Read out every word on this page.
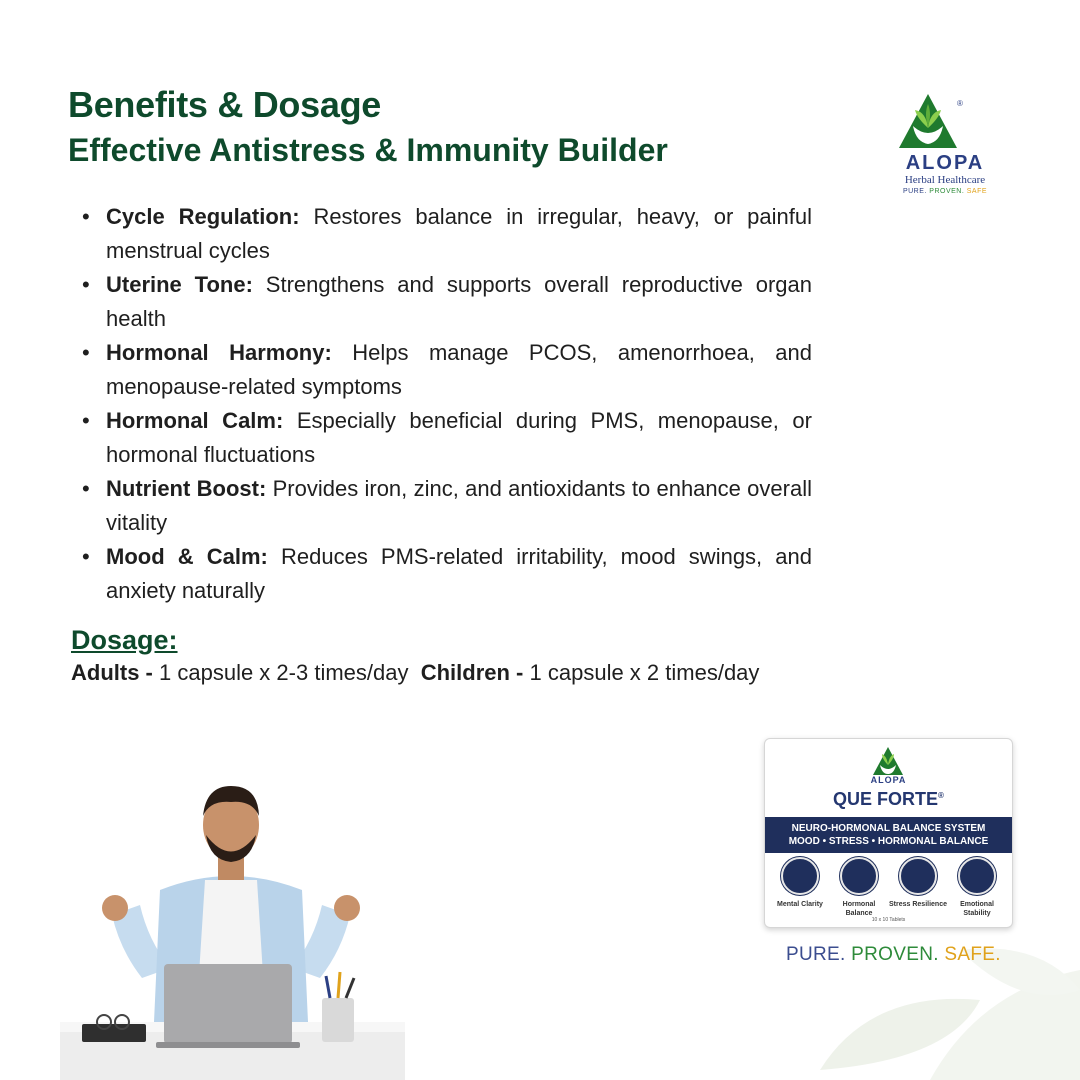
Benefits & Dosage
Effective Antistress & Immunity Builder
®
ALOPA
Herbal Healthcare
PURE. PROVEN. SAFE
• Cycle Regulation: Restores balance in irregular, heavy, or painful menstrual cycles
• Uterine Tone: Strengthens and supports overall reproductive organ health
• Hormonal Harmony: Helps manage PCOS, amenorrhoea, and menopause-related symptoms
• Hormonal Calm: Especially beneficial during PMS, menopause, or hormonal fluctuations
• Nutrient Boost: Provides iron, zinc, and antioxidants to enhance overall vitality
• Mood & Calm: Reduces PMS-related irritability, mood swings, and anxiety naturally
Dosage:
Adults - 1 capsule x 2-3 times/day Children - 1 capsule x 2 times/day
ALOPA
QUE FORTE®
NEURO-HORMONAL BALANCE SYSTEM
MOOD • STRESS • HORMONAL BALANCE
Mental Clarity	Hormonal Balance
Stress Resilience	Emotional Stability
10 x 10 Tablets
PURE. PROVEN. SAFE.
